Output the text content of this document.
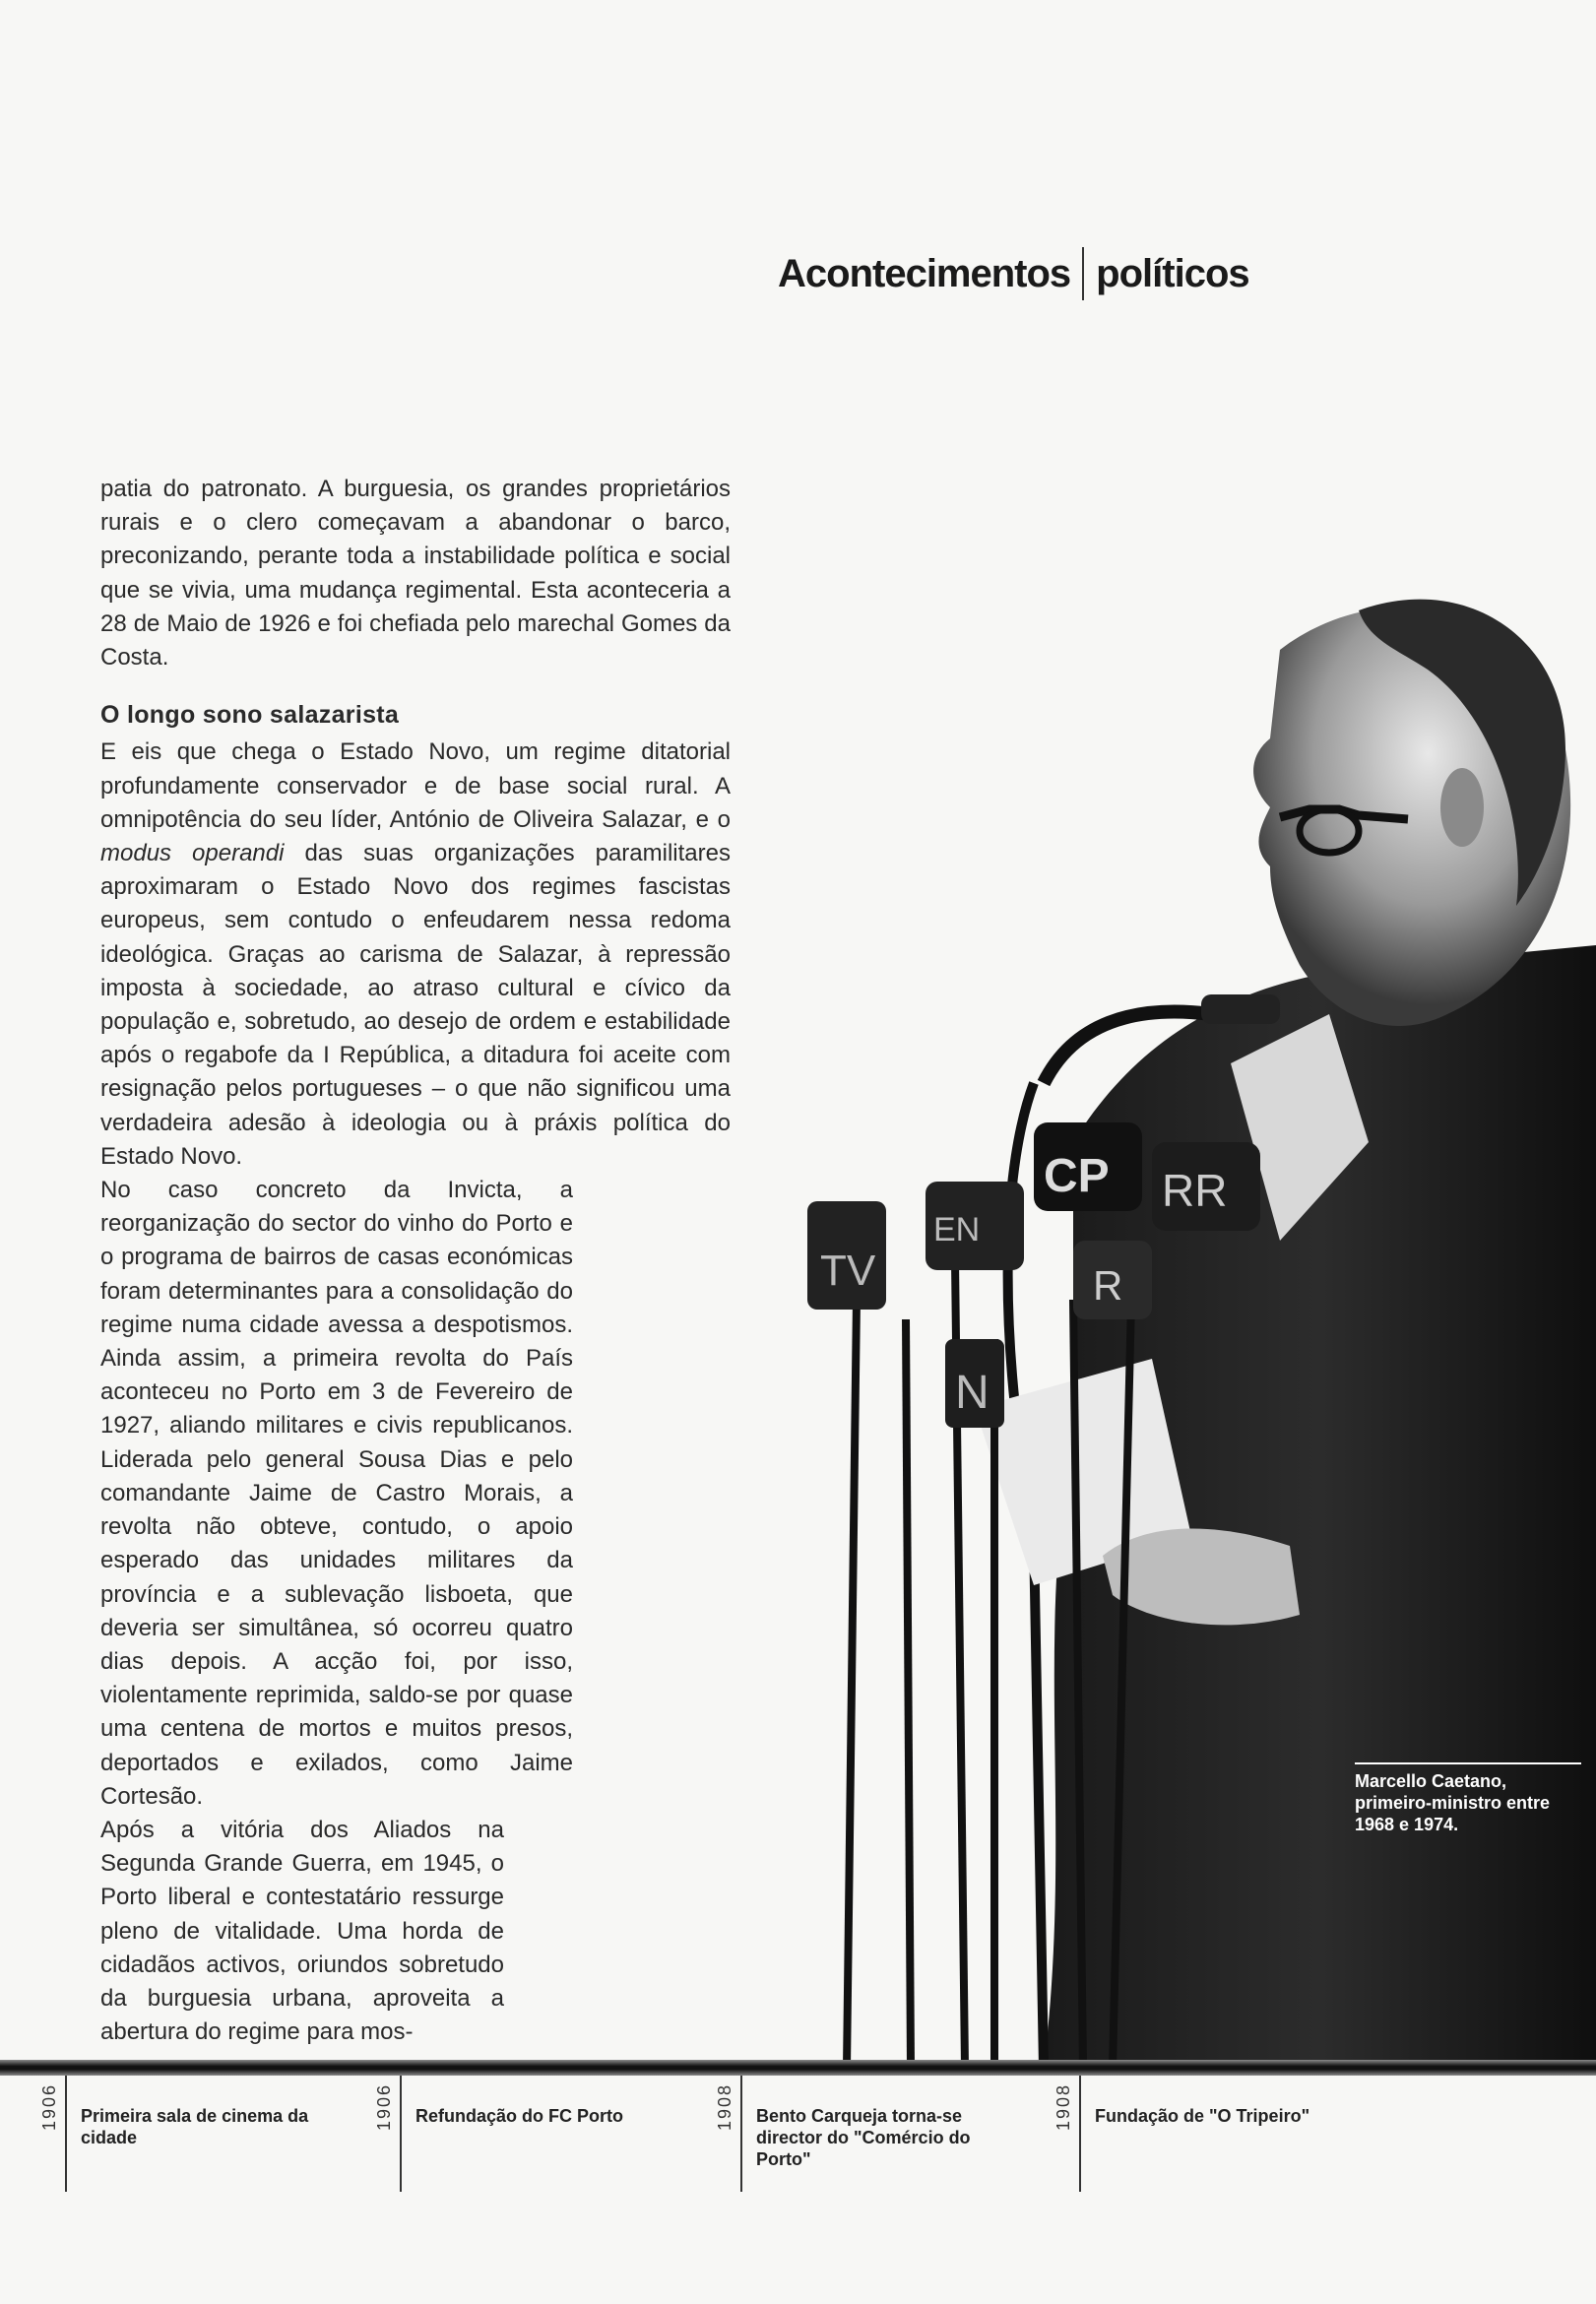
Acontecimentos políticos
TV
EN
N
CP RR
R

patia do patronato. A burguesia, os grandes proprietários rurais e o clero começavam a abandonar o barco, preconizando, perante toda a instabilidade política e social que se vivia, uma mudança regimental. Esta aconteceria a 28 de Maio de 1926 e foi chefiada pelo marechal Gomes da Costa.

O longo sono salazarista

E eis que chega o Estado Novo, um regime ditatorial profundamente conservador e de base social rural. A omnipotência do seu líder, António de Oliveira Salazar, e o modus operandi das suas organizações paramilitares aproximaram o Estado Novo dos regimes fascistas europeus, sem contudo o enfeudarem nessa redoma ideológica. Graças ao carisma de Salazar, à repressão imposta à sociedade, ao atraso cultural e cívico da população e, sobretudo, ao desejo de ordem e estabilidade após o regabofe da I República, a ditadura foi aceite com resignação pelos portugueses – o que não significou uma verdadeira adesão à ideologia ou à práxis política do Estado Novo.

No caso concreto da Invicta, a reorganização do sector do vinho do Porto e o programa de bairros de casas económicas foram determinantes para a consolidação do regime numa cidade avessa a despotismos. Ainda assim, a primeira revolta do País aconteceu no Porto em 3 de Fevereiro de 1927, aliando militares e civis republicanos. Liderada pelo general Sousa Dias e pelo comandante Jaime de Castro Morais, a revolta não obteve, contudo, o apoio esperado das unidades militares da província e a sublevação lisboeta, que deveria ser simultânea, só ocorreu quatro dias depois. A acção foi, por isso, violentamente reprimida, saldo-se por quase uma centena de mortos e muitos presos, deportados e exilados, como Jaime Cortesão.

Após a vitória dos Aliados na Segunda Grande Guerra, em 1945, o Porto liberal e contestatário ressurge pleno de vitalidade. Uma horda de cidadãos activos, oriundos sobretudo da burguesia urbana, aproveita a abertura do regime para mos-

Marcello Caetano, primeiro-ministro entre 1968 e 1974.
1906	Primeira sala de cinema da cidade
1906	Refundação do FC Porto	1908	Bento Carqueja torna-se director do "Comércio do Porto"
1908	Fundação de "O Tripeiro"
